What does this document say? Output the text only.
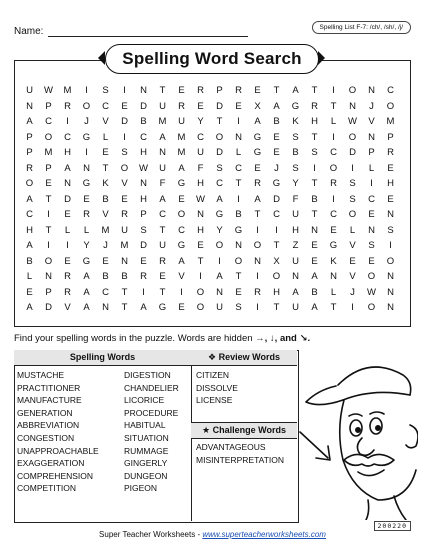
Name:	Spelling List F-7: /ch/, /sh/, /j/
Spelling Word Search
U	W	M	I	S	I	N	T	E	R	P	R	E	T	A	T	I	O	N	C
N	P	R	O	C	E	D	U	R	E	D	E	X	A	G	R	T	N	J	O
A	C	I	J	V	D	B	M	U	Y	T	I	A	B	K	H	L	W	V	M
P	O	C	G	L	I	C	A	M	C	O	N	G	E	S	T	I	O	N	P
P	M	H	I	E	S	H	N	M	U	D	L	G	E	B	S	C	D	P	R
R	P	A	N	T	O	W	U	A	F	S	C	E	J	S	I	O	I	L	E
O	E	N	G	K	V	N	F	G	H	C	T	R	G	Y	T	R	S	I	H
A	T	D	E	B	E	H	A	E	W	A	I	A	D	F	B	I	S	C	E
C	I	E	R	V	R	P	C	O	N	G	B	T	C	U	T	C	O	E	N
H	T	L	L	M	U	S	T	C	H	Y	G	I	I	H	N	E	L	N	S
A	I	I	Y	J	M	D	U	G	E	O	N	O	T	Z	E	G	V	S	I
B	O	E	G	E	N	E	R	A	T	I	O	N	X	U	E	K	E	E	O
L	N	R	A	B	B	R	E	V	I	A	T	I	O	N	A	N	V	O	N
E	P	R	A	C	T	I	T	I	O	N	E	R	H	A	B	L	J	W	N
A	D	V	A	N	T	A	G	E	O	U	S	I	T	U	A	T	I	O	N
Find your spelling words in the puzzle. Words are hidden →, ↓, and ↘.
Spelling Words	❖ Review Words
★ Challenge Words
MUSTACHE
PRACTITIONER
MANUFACTURE
GENERATION
ABBREVIATION
CONGESTION
UNAPPROACHABLE
EXAGGERATION
COMPREHENSION
COMPETITION
DIGESTION
CHANDELIER
LICORICE
PROCEDURE
HABITUAL
SITUATION
RUMMAGE
GINGERLY
DUNGEON
PIGEON
CITIZEN
DISSOLVE
LICENSE
ADVANTAGEOUS
MISINTERPRETATION
Super Teacher Worksheets - www.superteacherworksheets.com
200220
